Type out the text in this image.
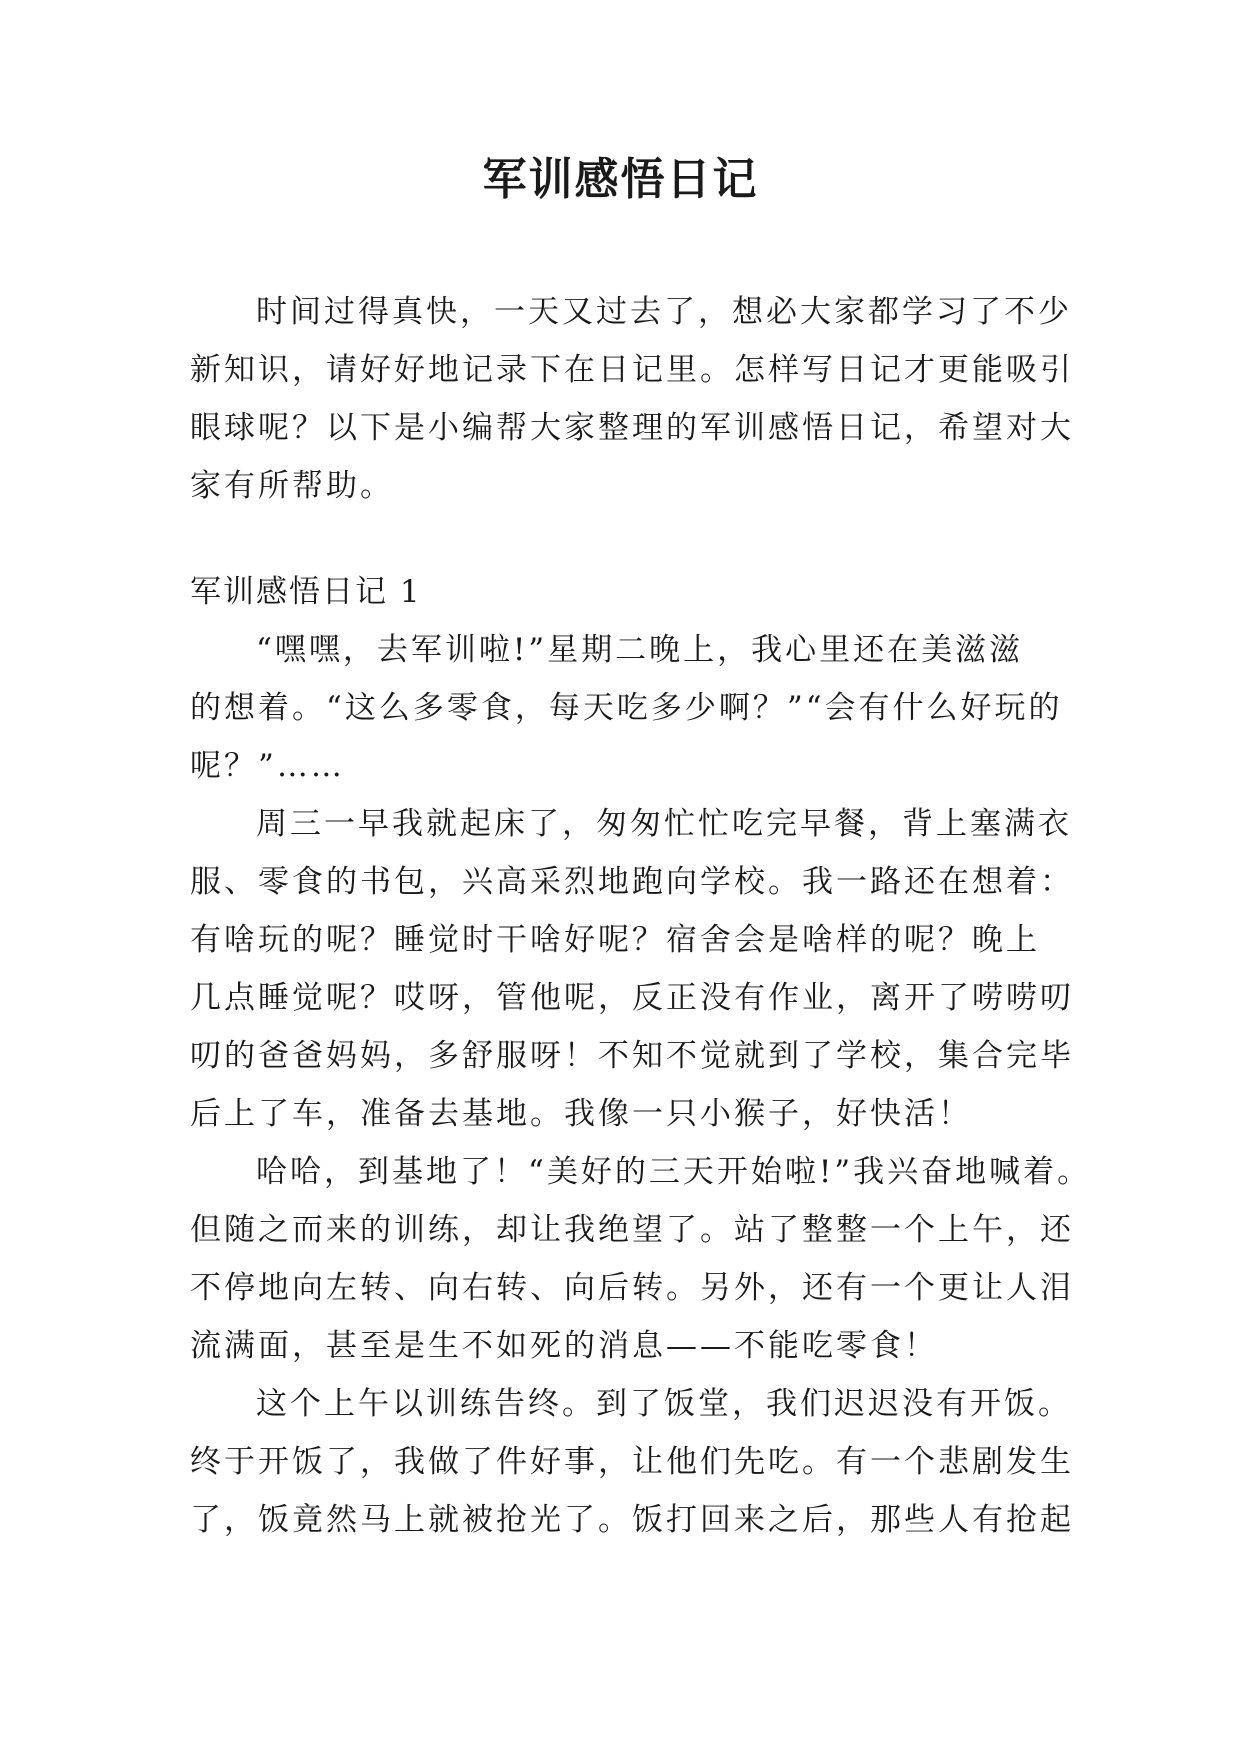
军训感悟日记
时间过得真快，一天又过去了，想必大家都学习了不少
新知识，请好好地记录下在日记里。怎样写日记才更能吸引
眼球呢？以下是小编帮大家整理的军训感悟日记，希望对大
家有所帮助。
军训感悟日记 1
“嘿嘿，去军训啦!”星期二晚上，我心里还在美滋滋
的想着。“这么多零食，每天吃多少啊？”“会有什么好玩的
呢？”……
周三一早我就起床了，匆匆忙忙吃完早餐，背上塞满衣
服、零食的书包，兴高采烈地跑向学校。我一路还在想着：
有啥玩的呢？睡觉时干啥好呢？宿舍会是啥样的呢？晚上
几点睡觉呢？哎呀，管他呢，反正没有作业，离开了唠唠叨
叨的爸爸妈妈，多舒服呀！不知不觉就到了学校，集合完毕
后上了车，准备去基地。我像一只小猴子，好快活！
哈哈，到基地了！“美好的三天开始啦!”我兴奋地喊着。
但随之而来的训练，却让我绝望了。站了整整一个上午，还
不停地向左转、向右转、向后转。另外，还有一个更让人泪
流满面，甚至是生不如死的消息——不能吃零食！
这个上午以训练告终。到了饭堂，我们迟迟没有开饭。
终于开饭了，我做了件好事，让他们先吃。有一个悲剧发生
了，饭竟然马上就被抢光了。饭打回来之后，那些人有抢起
